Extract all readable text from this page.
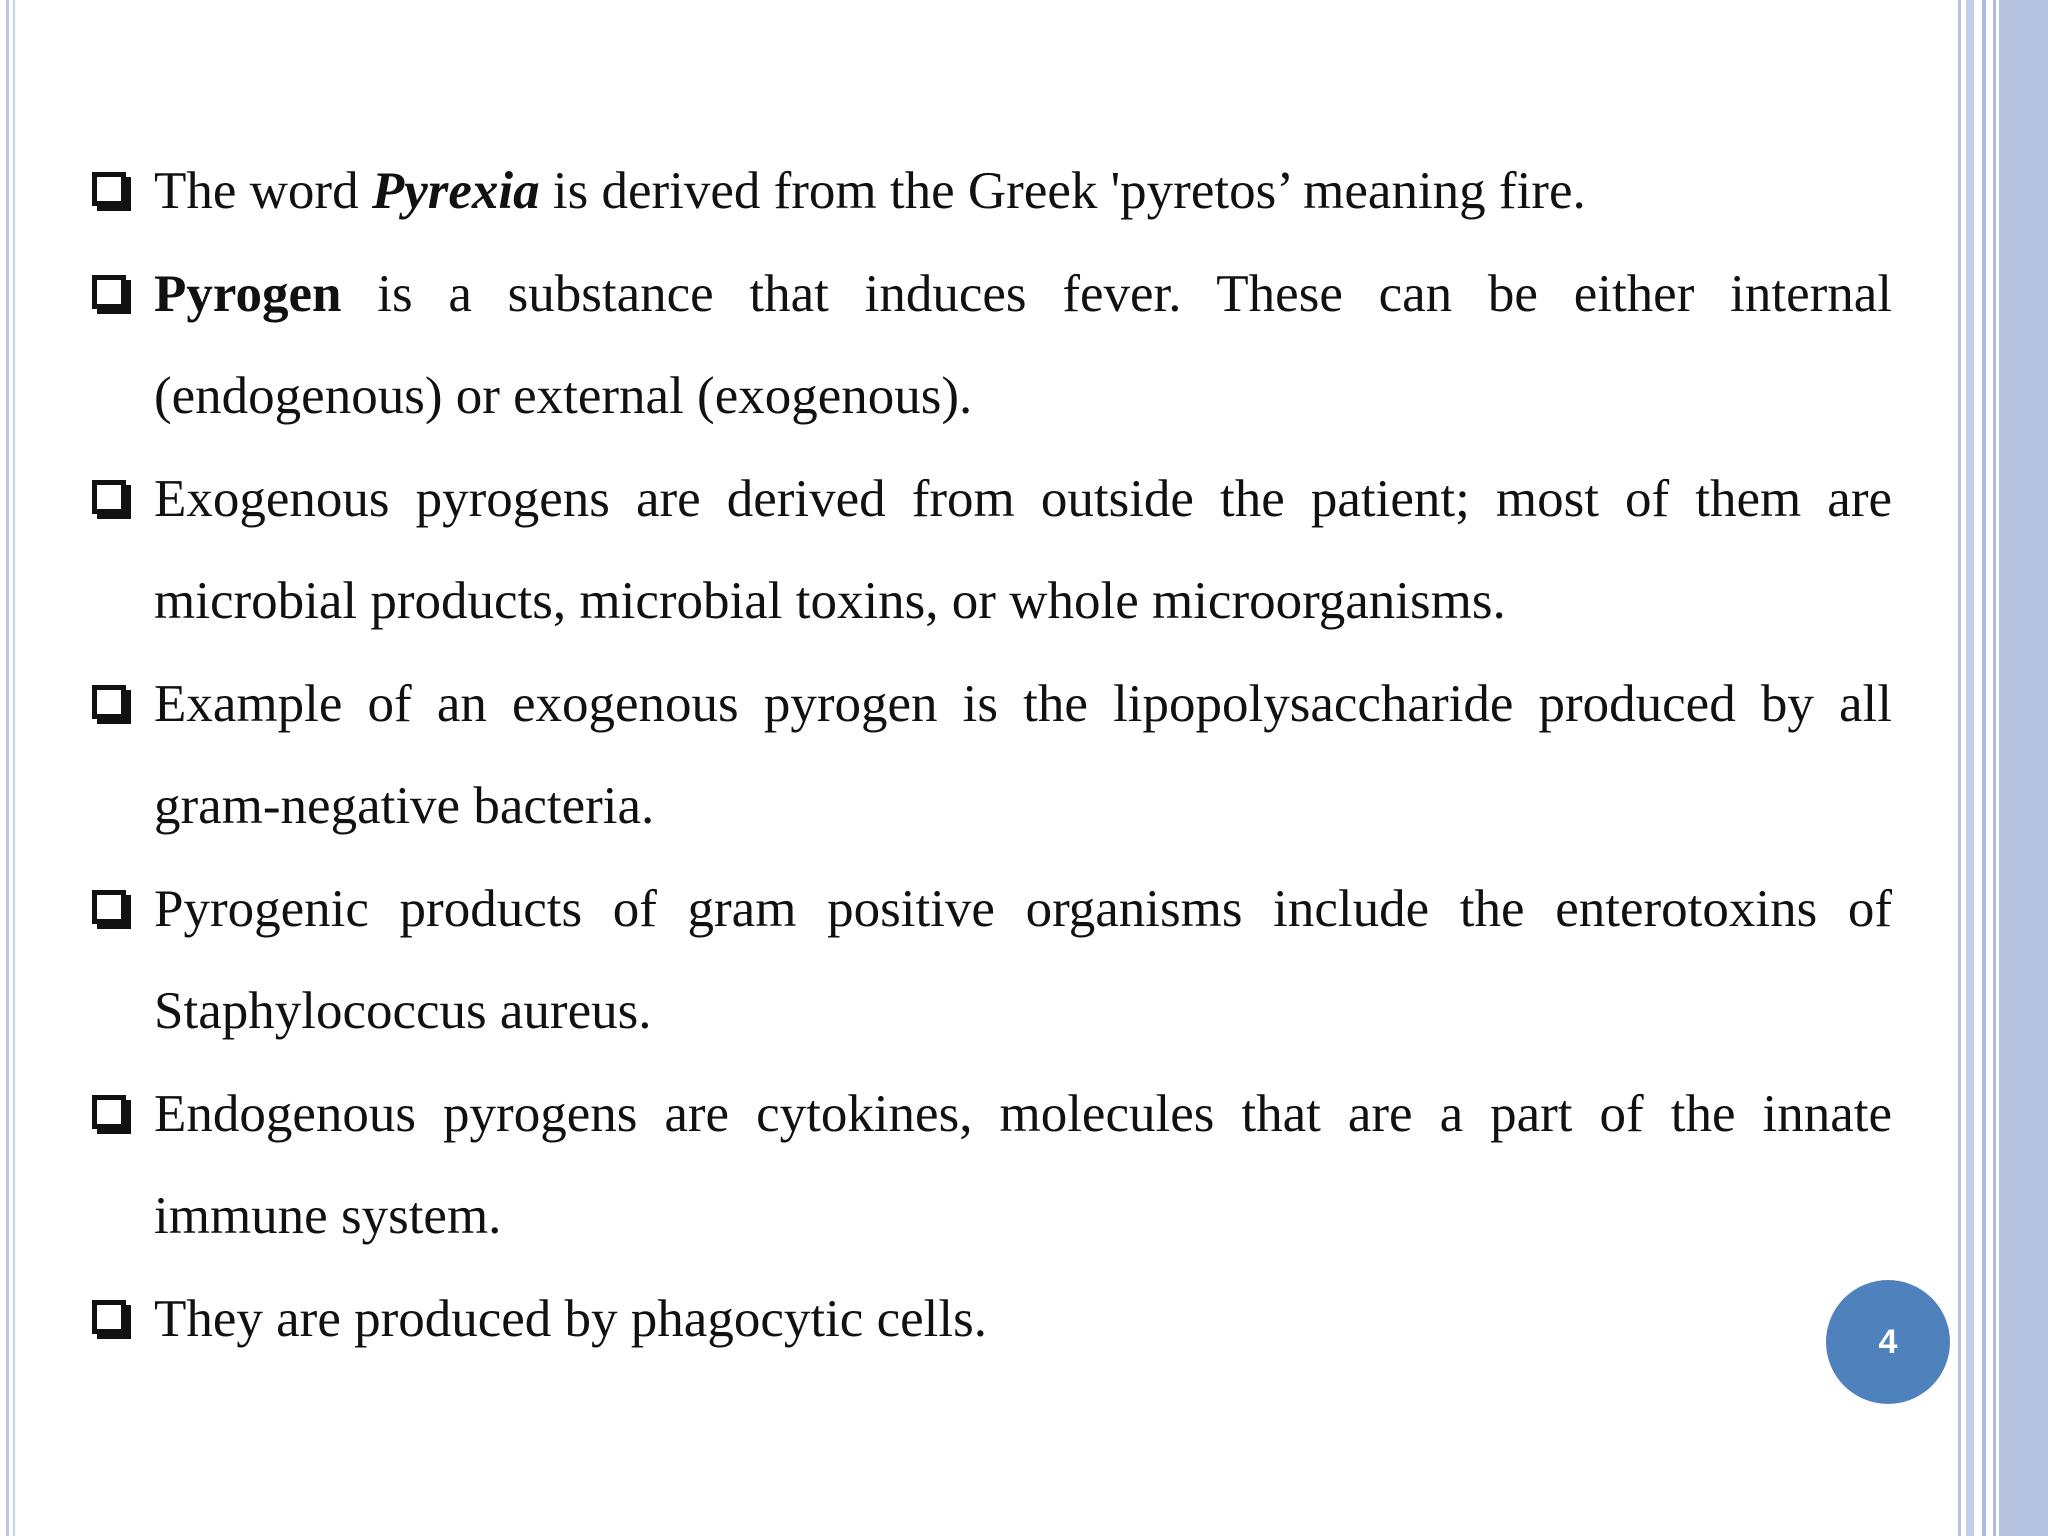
The word Pyrexia is derived from the Greek 'pyretos’ meaning fire.

Pyrogen is a substance that induces fever. These can be either internal (endogenous) or external (exogenous).

Exogenous pyrogens are derived from outside the patient; most of them are microbial products, microbial toxins, or whole microorganisms.

Example of an exogenous pyrogen is the lipopolysaccharide produced by all gram-negative bacteria.

Pyrogenic products of gram positive organisms include the enterotoxins of Staphylococcus aureus.

Endogenous pyrogens are cytokines, molecules that are a part of the innate immune system.

They are produced by phagocytic cells.	4
